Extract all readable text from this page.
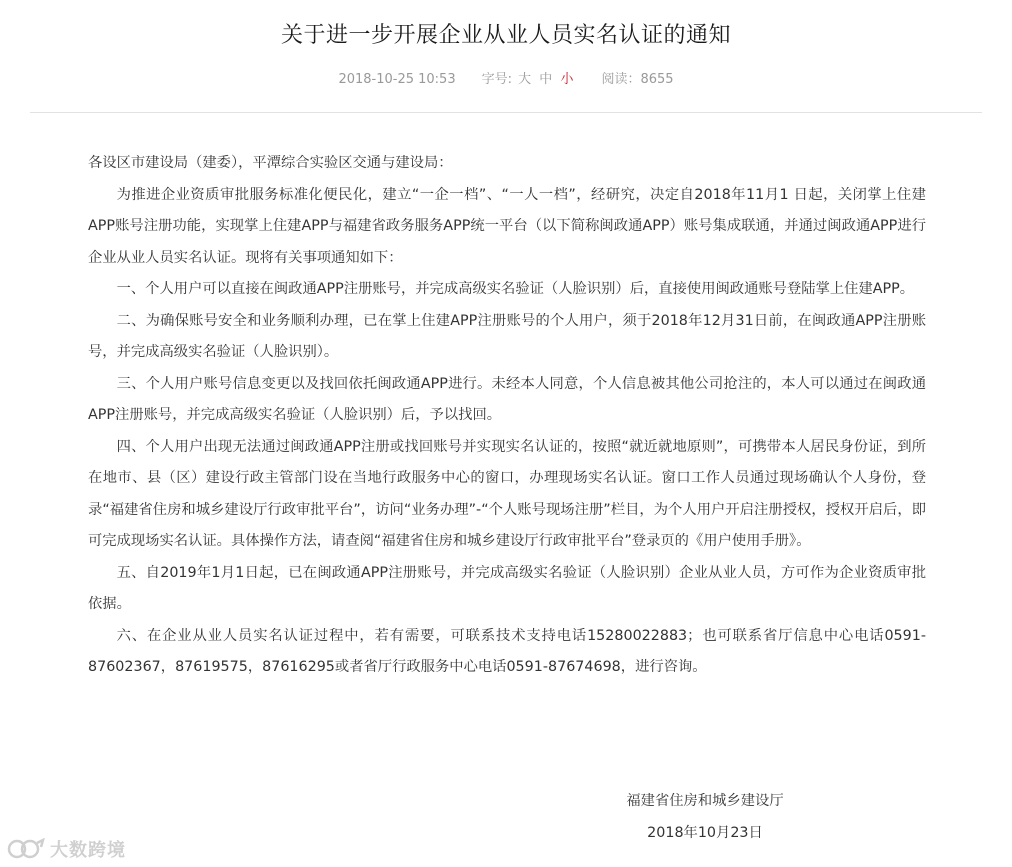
关于进一步开展企业从业人员实名认证的通知
2018-10-25 10:53 字号: 大 中 小 阅读：8655

各设区市建设局（建委），平潭综合实验区交通与建设局：

为推进企业资质审批服务标准化便民化，建立“一企一档”、“一人一档”，经研究，决定自2018年11月1 日起，关闭掌上住建APP账号注册功能，实现掌上住建APP与福建省政务服务APP统一平台（以下简称闽政通APP）账号集成联通，并通过闽政通APP进行企业从业人员实名认证。现将有关事项通知如下：

一、个人用户可以直接在闽政通APP注册账号，并完成高级实名验证（人脸识别）后，直接使用闽政通账号登陆掌上住建APP。

二、为确保账号安全和业务顺利办理，已在掌上住建APP注册账号的个人用户，须于2018年12月31日前，在闽政通APP注册账号，并完成高级实名验证（人脸识别）。

三、个人用户账号信息变更以及找回依托闽政通APP进行。未经本人同意，个人信息被其他公司抢注的，本人可以通过在闽政通APP注册账号，并完成高级实名验证（人脸识别）后，予以找回。

四、个人用户出现无法通过闽政通APP注册或找回账号并实现实名认证的，按照“就近就地原则”，可携带本人居民身份证，到所在地市、县（区）建设行政主管部门设在当地行政服务中心的窗口，办理现场实名认证。窗口工作人员通过现场确认个人身份，登录“福建省住房和城乡建设厅行政审批平台”，访问“业务办理”-“个人账号现场注册”栏目，为个人用户开启注册授权，授权开启后，即可完成现场实名认证。具体操作方法，请查阅“福建省住房和城乡建设厅行政审批平台”登录页的《用户使用手册》。

五、自2019年1月1日起，已在闽政通APP注册账号，并完成高级实名验证（人脸识别）企业从业人员，方可作为企业资质审批依据。

六、在企业从业人员实名认证过程中，若有需要，可联系技术支持电话15280022883；也可联系省厅信息中心电话0591-87602367，87619575，87616295或者省厅行政服务中心电话0591-87674698，进行咨询。

福建省住房和城乡建设厅
2018年10月23日
大数跨境
